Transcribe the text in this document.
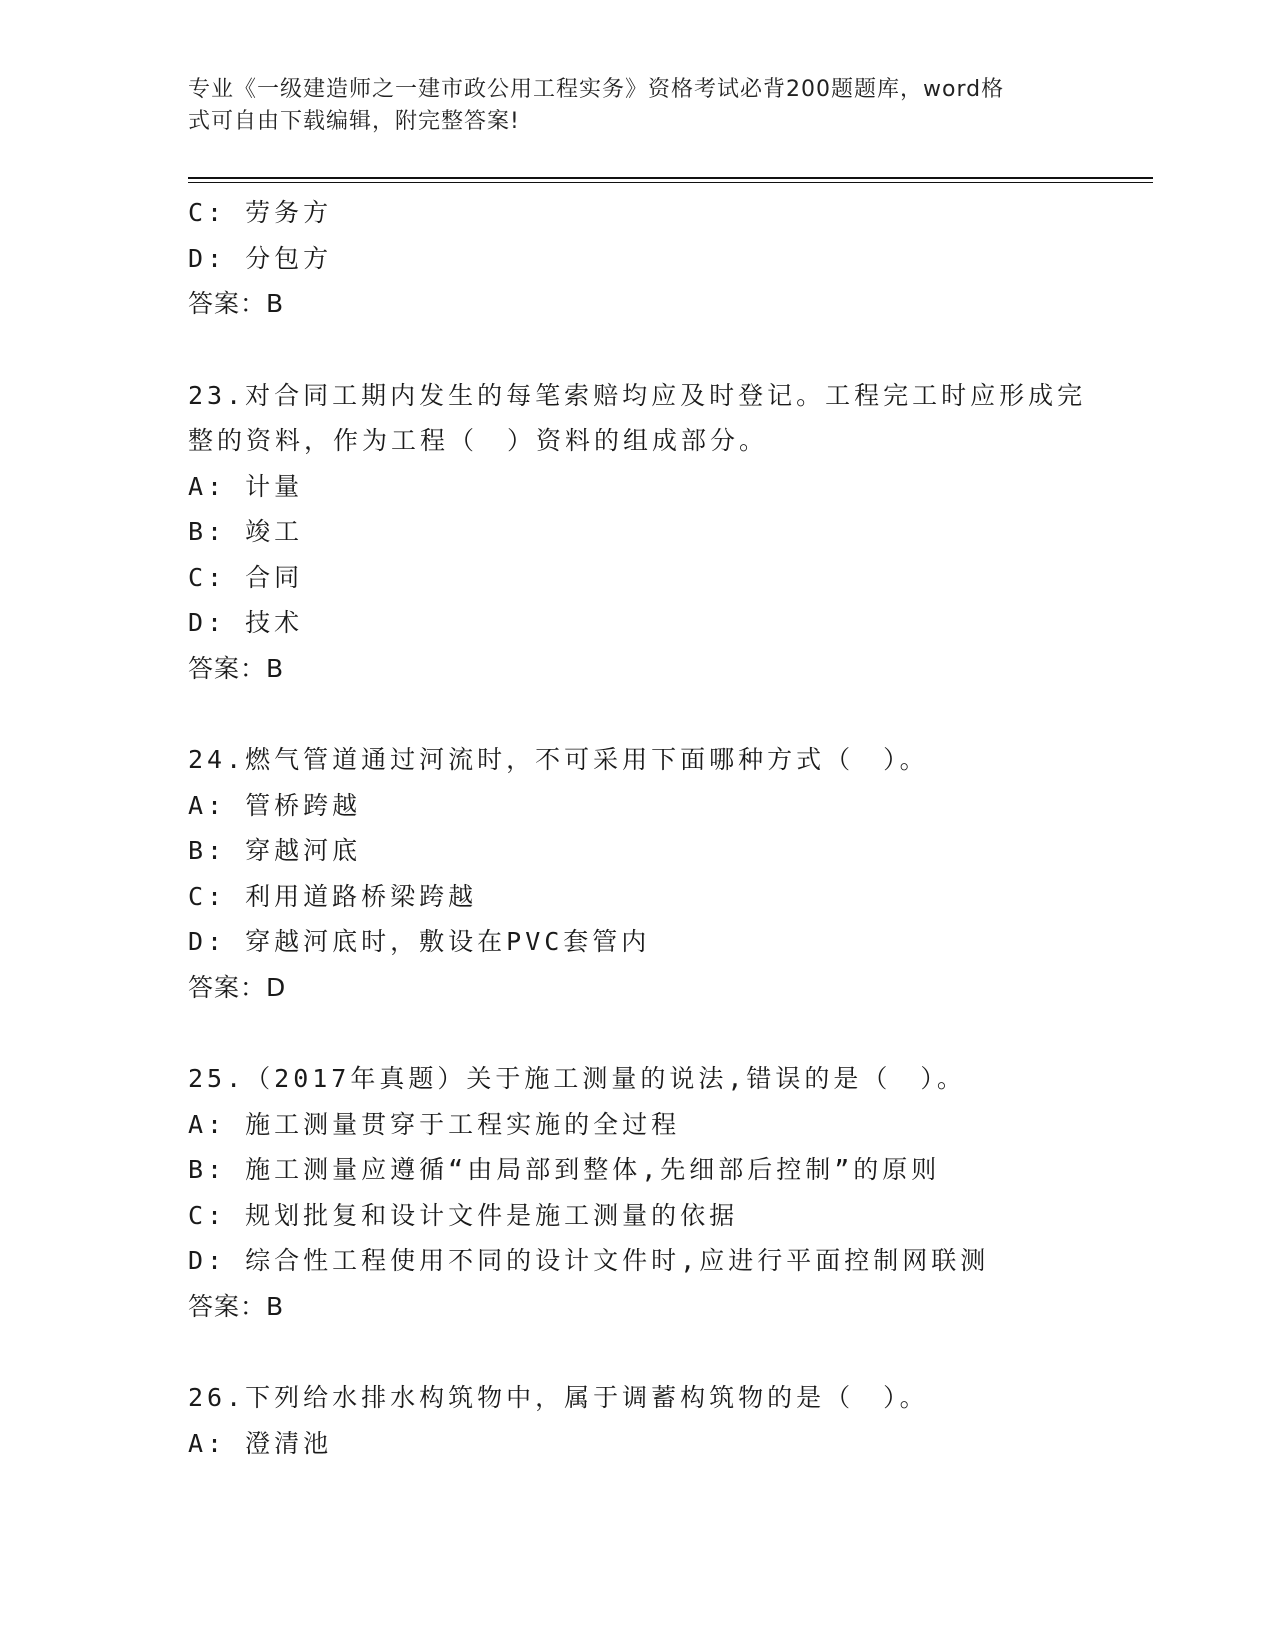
专业《一级建造师之一建市政公用工程实务》资格考试必背200题题库，word格
式可自由下载编辑，附完整答案!
C: 劳务方
D: 分包方
答案：B
23.对合同工期内发生的每笔索赔均应及时登记。工程完工时应形成完
整的资料，作为工程（　）资料的组成部分。
A: 计量
B: 竣工
C: 合同
D: 技术
答案：B
24.燃气管道通过河流时，不可采用下面哪种方式（　）。
A: 管桥跨越
B: 穿越河底
C: 利用道路桥梁跨越
D: 穿越河底时，敷设在PVC套管内
答案：D
25.（2017年真题）关于施工测量的说法,错误的是（　）。
A: 施工测量贯穿于工程实施的全过程
B: 施工测量应遵循“由局部到整体,先细部后控制”的原则
C: 规划批复和设计文件是施工测量的依据
D: 综合性工程使用不同的设计文件时,应进行平面控制网联测
答案：B
26.下列给水排水构筑物中，属于调蓄构筑物的是（　）。
A: 澄清池
